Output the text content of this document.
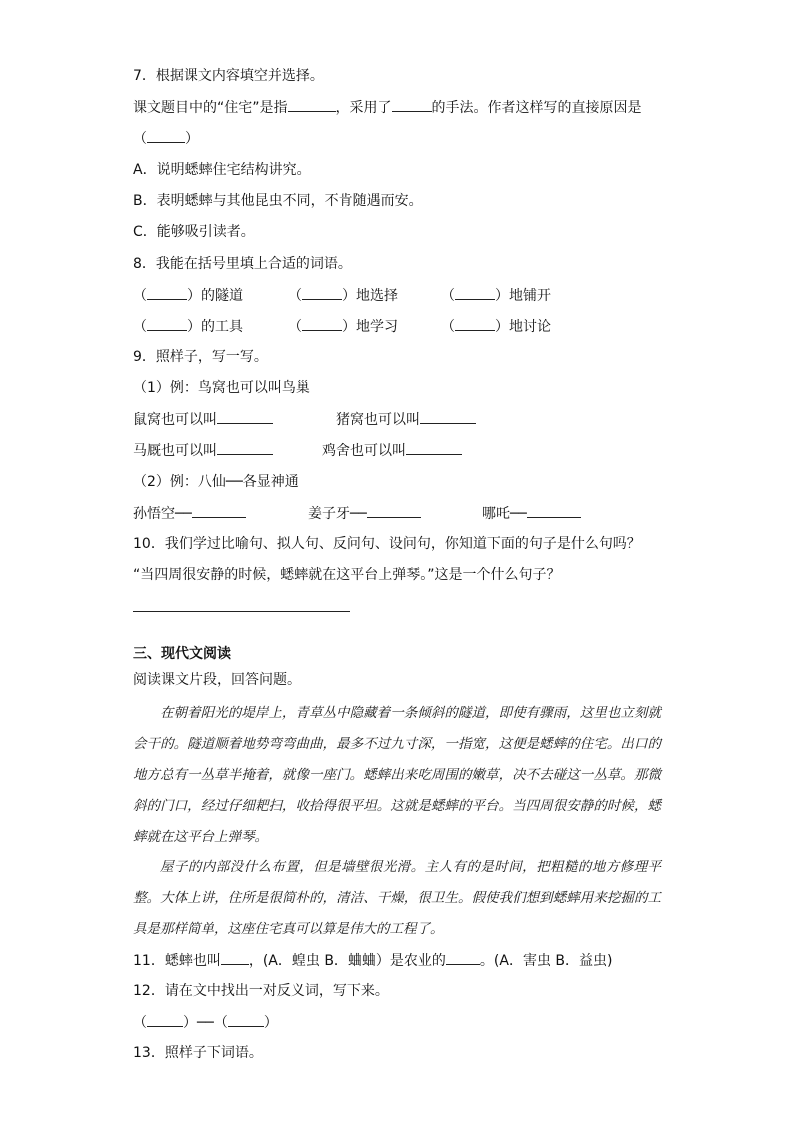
7．根据课文内容填空并选择。
课文题目中的“住宅”是指	，采用了	的手法。作者这样写的直接原因是
（	）
A．说明蟋蟀住宅结构讲究。
B．表明蟋蟀与其他昆虫不同，不肯随遇而安。
C．能够吸引读者。
8．我能在括号里填上合适的词语。
（	）的隧道	（	）地选择	（	）地铺开
（	）的工具	（	）地学习	（	）地讨论
9．照样子，写一写。
（1）例：鸟窝也可以叫鸟巢
鼠窝也可以叫	猪窝也可以叫
马厩也可以叫	鸡舍也可以叫
（2）例：八仙──各显神通
孙悟空──	姜子牙──	哪吒──
10．我们学过比喻句、拟人句、反问句、设问句，你知道下面的句子是什么句吗？
“当四周很安静的时候，蟋蟀就在这平台上弹琴。”这是一个什么句子？
三、现代文阅读
阅读课文片段，回答问题。
在朝着阳光的堤岸上，青草丛中隐藏着一条倾斜的隧道，即使有骤雨，这里也立刻就会干的。隧道顺着地势弯弯曲曲，最多不过九寸深，一指宽，这便是蟋蟀的住宅。出口的地方总有一丛草半掩着，就像一座门。蟋蟀出来吃周围的嫩草，决不去碰这一丛草。那微斜的门口，经过仔细耙扫，收拾得很平坦。这就是蟋蟀的平台。当四周很安静的时候，蟋蟀就在这平台上弹琴。
屋子的内部没什么布置，但是墙壁很光滑。主人有的是时间，把粗糙的地方修理平整。大体上讲，住所是很简朴的，清洁、干燥，很卫生。假使我们想到蟋蟀用来挖掘的工具是那样简单，这座住宅真可以算是伟大的工程了。
11．蟋蟀也叫 ，(A．蝗虫 B．蛐蛐）是农业的 。(A．害虫 B．益虫)
12．请在文中找出一对反义词，写下来。
（	）──（	）
13．照样子下词语。
